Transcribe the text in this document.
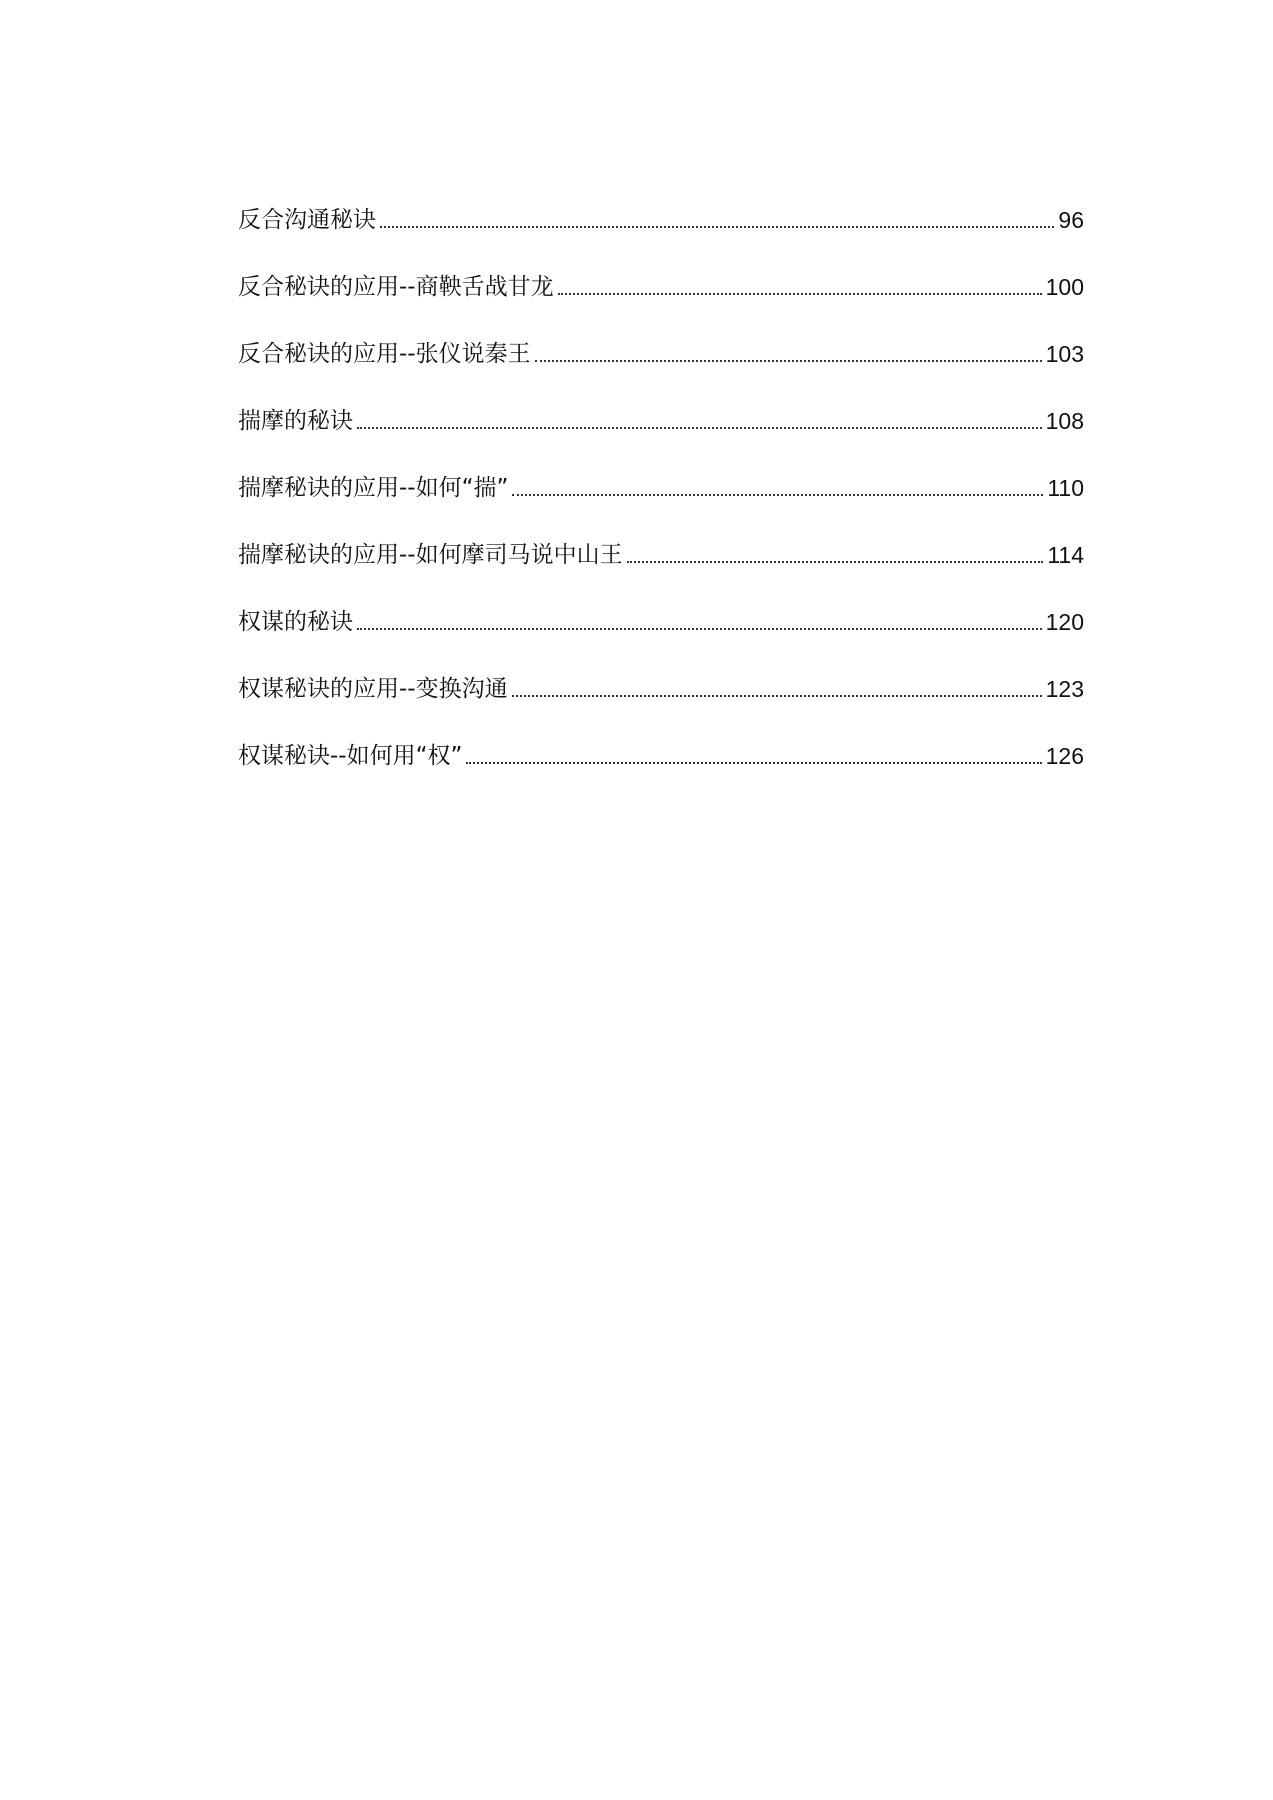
反合沟通秘诀	96
反合秘诀的应用--商鞅舌战甘龙	100
反合秘诀的应用--张仪说秦王	103
揣摩的秘诀	108
揣摩秘诀的应用--如何“揣”	110
揣摩秘诀的应用--如何摩司马说中山王	114
权谋的秘诀	120
权谋秘诀的应用--变换沟通	123
权谋秘诀--如何用“权”	126
